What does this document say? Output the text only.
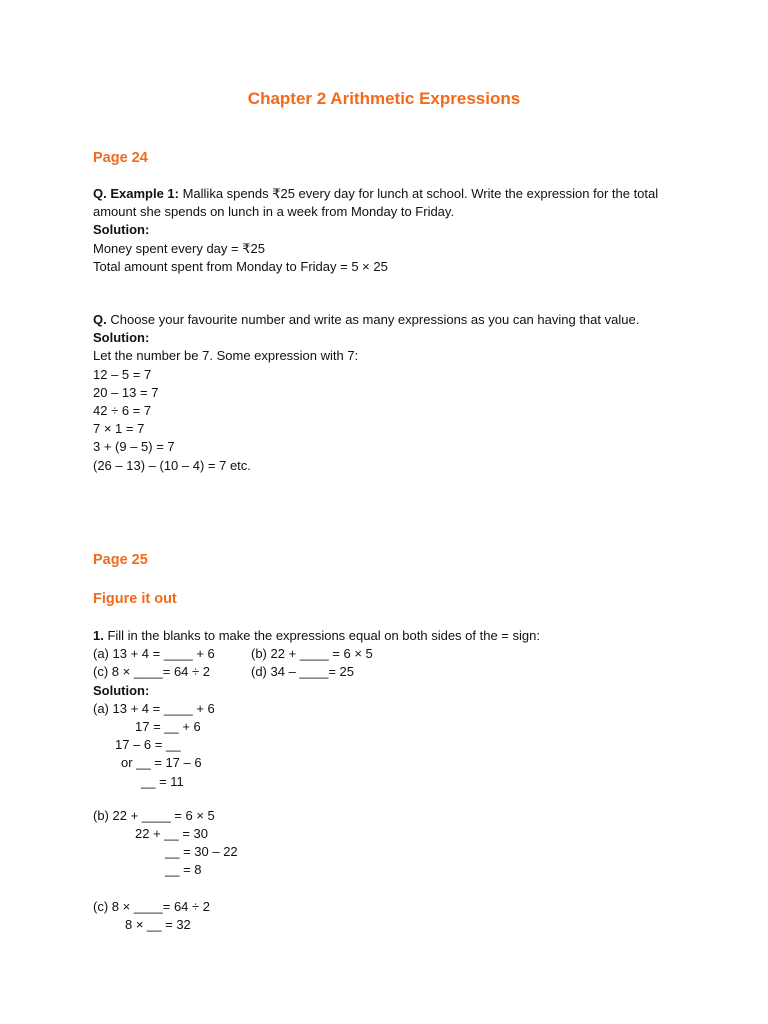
Chapter 2 Arithmetic Expressions
Page 24
Q. Example 1: Mallika spends ₹25 every day for lunch at school. Write the expression for the total amount she spends on lunch in a week from Monday to Friday.
Solution:
Money spent every day = ₹25
Total amount spent from Monday to Friday = 5 × 25
Q. Choose your favourite number and write as many expressions as you can having that value.
Solution:
Let the number be 7. Some expression with 7:
12 – 5 = 7
20 – 13 = 7
42 ÷ 6 = 7
7 × 1 = 7
3 + (9 – 5) = 7
(26 – 13) – (10 – 4) = 7 etc.
Page 25
Figure it out
1. Fill in the blanks to make the expressions equal on both sides of the = sign:
(a) 13 + 4 = ____ + 6	(b) 22 + ____ = 6 × 5
(c) 8 × ____= 64 ÷ 2	(d) 34 – ____= 25
Solution:
(a) 13 + 4 = ____ + 6
17 = __ + 6
17 – 6 = __
or __ = 17 – 6
__ = 11
(b) 22 + ____ = 6 × 5
22 + __ = 30
__ = 30 – 22
__ = 8
(c) 8 × ____= 64 ÷ 2
8 × __ = 32
